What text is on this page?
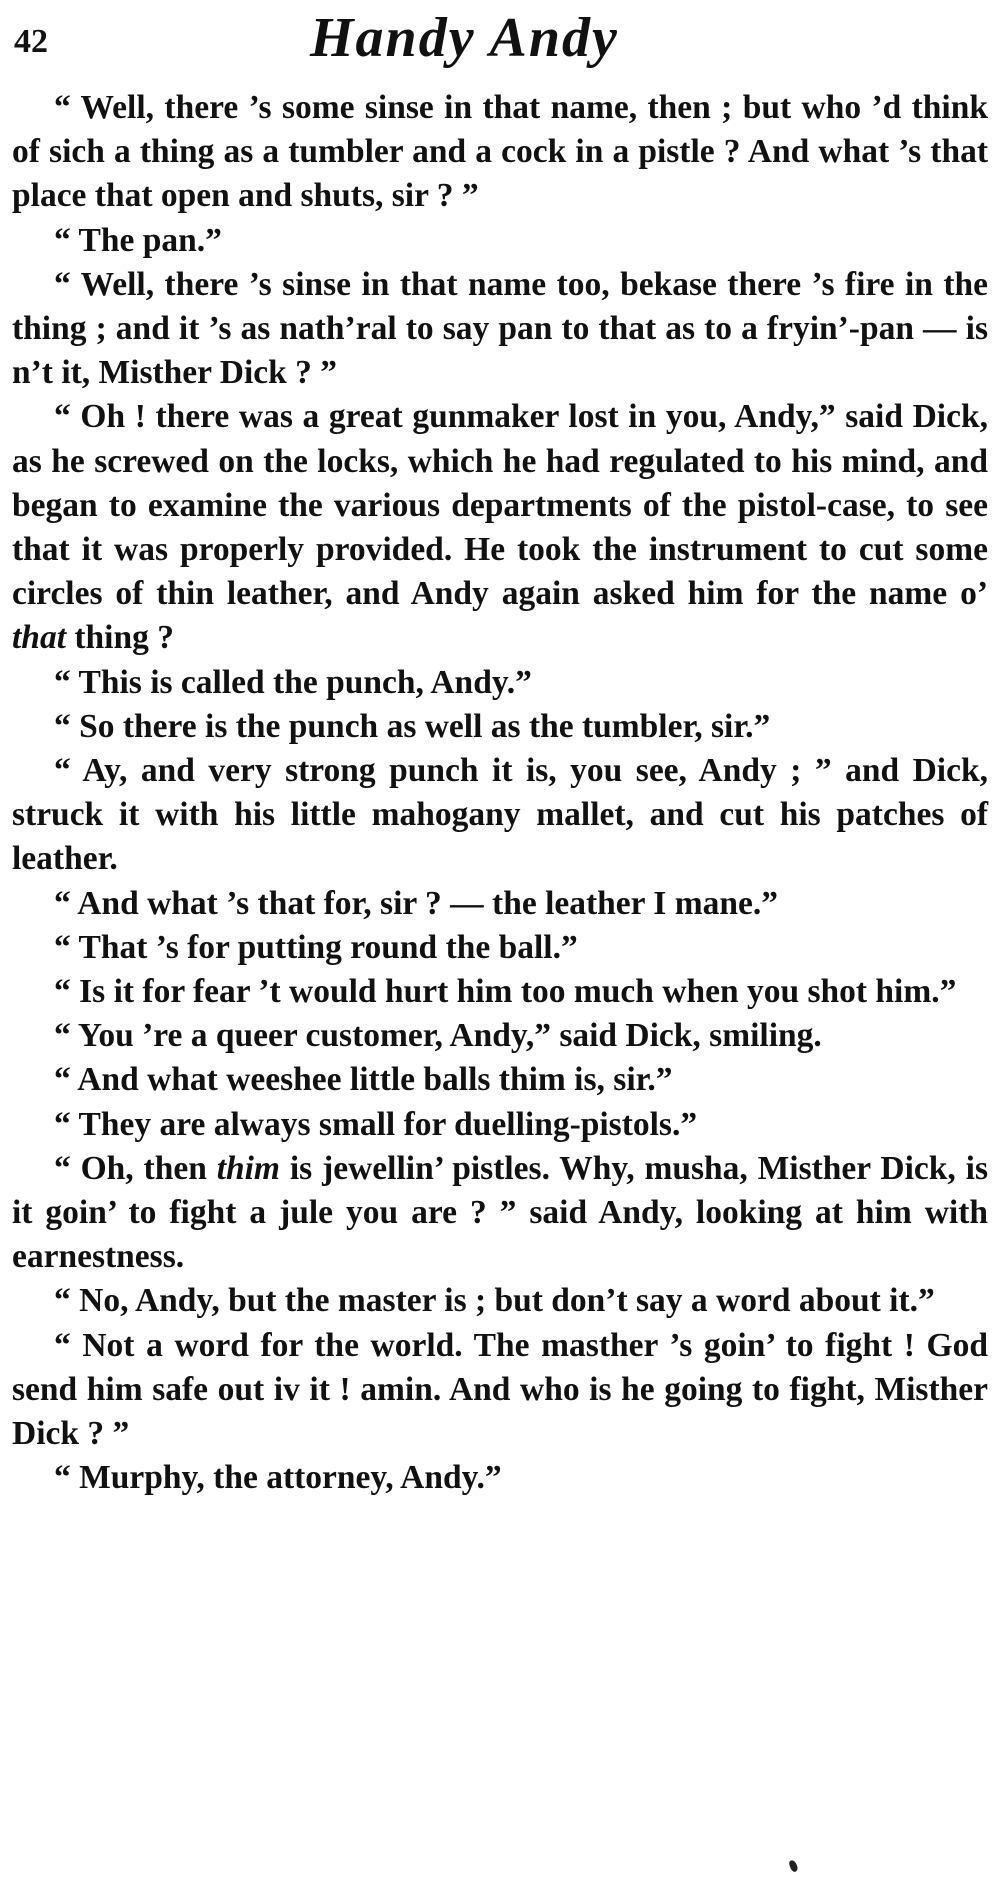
42	Handy Andy

“ Well, there ’s some sinse in that name, then ; but who ’d think of sich a thing as a tumbler and a cock in a pistle ? And what ’s that place that open and shuts, sir ? ”

“ The pan.”

“ Well, there ’s sinse in that name too, bekase there ’s fire in the thing ; and it ’s as nath’ral to say pan to that as to a fryin’-pan — is n’t it, Misther Dick ? ”

“ Oh ! there was a great gunmaker lost in you, Andy,” said Dick, as he screwed on the locks, which he had regulated to his mind, and began to examine the various departments of the pistol-case, to see that it was properly provided. He took the instrument to cut some circles of thin leather, and Andy again asked him for the name o’ that thing ?

“ This is called the punch, Andy.”

“ So there is the punch as well as the tumbler, sir.”

“ Ay, and very strong punch it is, you see, Andy ; ” and Dick, struck it with his little mahogany mallet, and cut his patches of leather.

“ And what ’s that for, sir ? — the leather I mane.”

“ That ’s for putting round the ball.”

“ Is it for fear ’t would hurt him too much when you shot him.”

“ You ’re a queer customer, Andy,” said Dick, smiling.

“ And what weeshee little balls thim is, sir.”

“ They are always small for duelling-pistols.”

“ Oh, then thim is jewellin’ pistles. Why, musha, Misther Dick, is it goin’ to fight a jule you are ? ” said Andy, looking at him with earnestness.

“ No, Andy, but the master is ; but don’t say a word about it.”

“ Not a word for the world. The masther ’s goin’ to fight ! God send him safe out iv it ! amin. And who is he going to fight, Misther Dick ? ”

“ Murphy, the attorney, Andy.”
